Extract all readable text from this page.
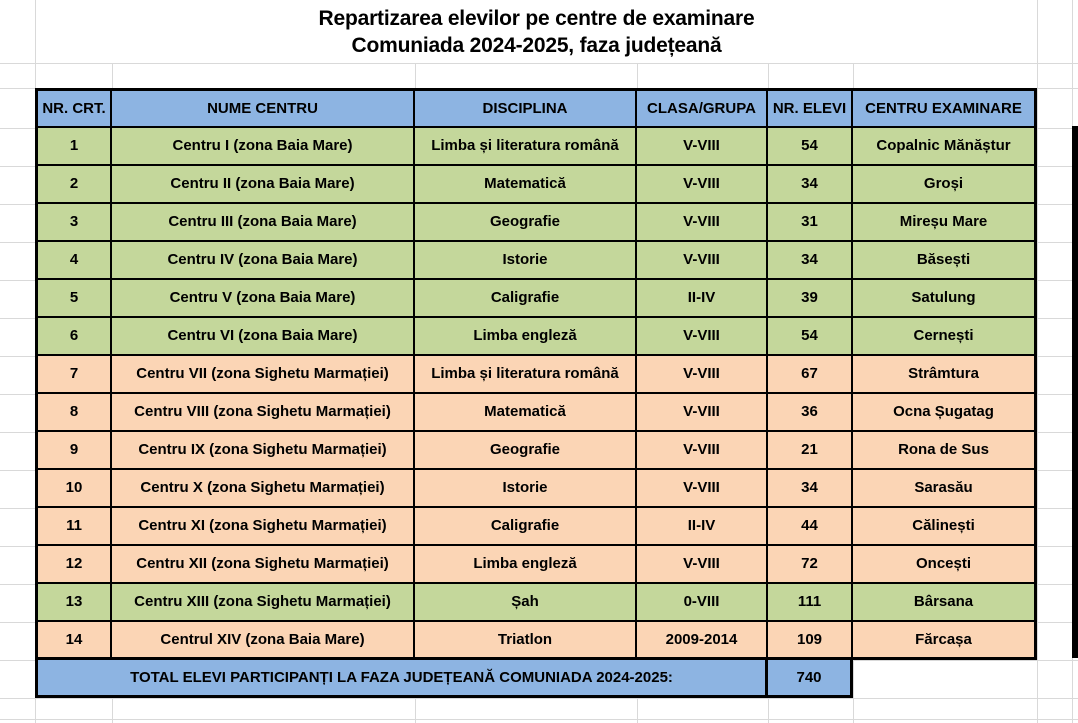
Repartizarea elevilor pe centre de examinare
Comuniada 2024-2025, faza județeană
NR. CRT.	NUME CENTRU	DISCIPLINA	CLASA/GRUPA	NR. ELEVI	CENTRU EXAMINARE
1	Centru I (zona Baia Mare)	Limba și literatura română	V-VIII	54	Copalnic Mănăștur
2	Centru II (zona Baia Mare)	Matematică	V-VIII	34	Groși
3	Centru III (zona Baia Mare)	Geografie	V-VIII	31	Mireșu Mare
4	Centru IV (zona Baia Mare)	Istorie	V-VIII	34	Băsești
5	Centru V (zona Baia Mare)	Caligrafie	II-IV	39	Satulung
6	Centru VI (zona Baia Mare)	Limba engleză	V-VIII	54	Cernești
7	Centru VII (zona Sighetu Marmației)	Limba și literatura română	V-VIII	67	Strâmtura
8	Centru VIII (zona Sighetu Marmației)	Matematică	V-VIII	36	Ocna Șugatag
9	Centru IX (zona Sighetu Marmației)	Geografie	V-VIII	21	Rona de Sus
10	Centru X (zona Sighetu Marmației)	Istorie	V-VIII	34	Sarasău
11	Centru XI (zona Sighetu Marmației)	Caligrafie	II-IV	44	Călinești
12	Centru XII (zona Sighetu Marmației)	Limba engleză	V-VIII	72	Oncești
13	Centru XIII (zona Sighetu Marmației)	Șah	0-VIII	111	Bârsana
14	Centrul XIV (zona Baia Mare)	Triatlon	2009-2014	109	Fărcașa
TOTAL ELEVI PARTICIPANȚI LA FAZA JUDEȚEANĂ COMUNIADA 2024-2025:	740
